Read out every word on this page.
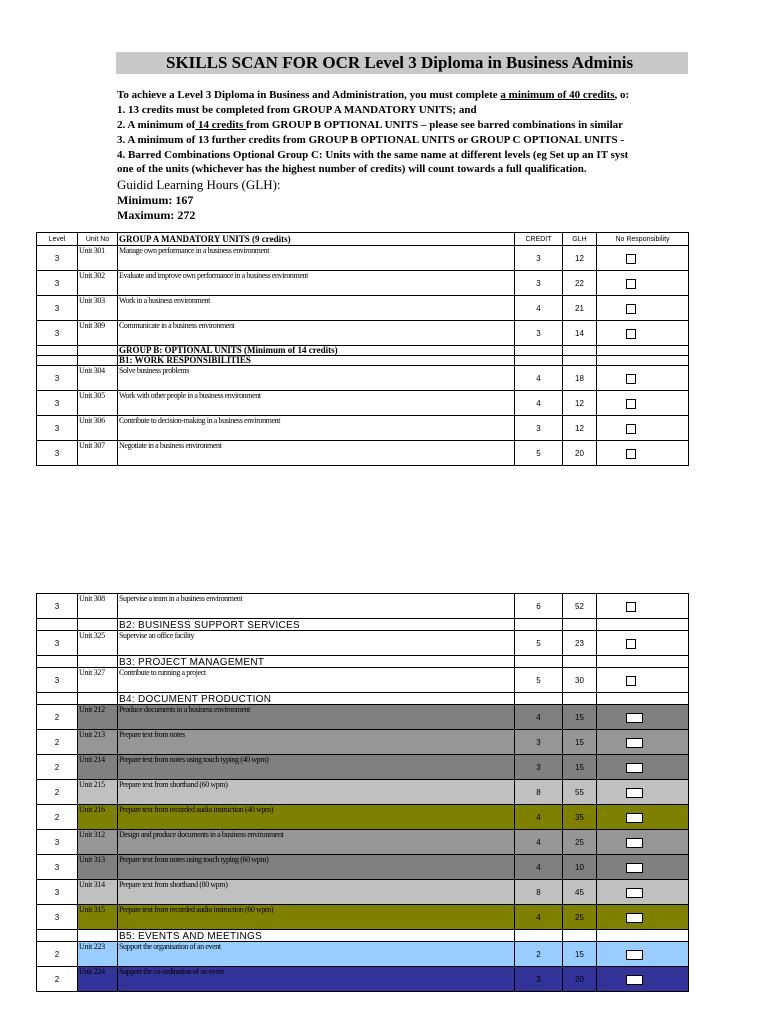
SKILLS SCAN FOR OCR Level 3 Diploma in Business Adminis
To achieve a Level 3 Diploma in Business and Administration, you must complete a minimum of 40 credits, o:
1. 13 credits must be completed from GROUP A MANDATORY UNITS; and
2. A minimum of 14 credits from GROUP B OPTIONAL UNITS – please see barred combinations in similar
3. A minimum of 13 further credits from GROUP B OPTIONAL UNITS or GROUP C OPTIONAL UNITS -
4. Barred Combinations Optional Group C: Units with the same name at different levels (eg Set up an IT syst
one of the units (whichever has the highest number of credits) will count towards a full qualification.
Guidid Learning Hours (GLH):
Minimum: 167
Maximum: 272
Level	Unit No	GROUP A MANDATORY UNITS (9 credits)	CREDIT	GLH	No Responsibility
3	Unit 301	Manage own performance in a business environment	3	12	
3	Unit 302	Evaluate and improve own performance in a business environment	3	22	
3	Unit 303	Work in a business environment	4	21	
3	Unit 309	Communicate in a business environment	3	14	
		GROUP B: OPTIONAL UNITS (Minimum of 14 credits)			
		B1: WORK RESPONSIBILITIES			
3	Unit 304	Solve business problems	4	18	
3	Unit 305	Work with other people in a business environment	4	12	
3	Unit 306	Contribute to decision-making in a business environment	3	12	
3	Unit 307	Negotiate in a business environment	5	20	
3	Unit 308	Supervise a team in a business environment	6	52	
		B2: BUSINESS SUPPORT SERVICES			
3	Unit 325	Supervise an office facility	5	23	
		B3: PROJECT MANAGEMENT			
3	Unit 327	Contribute to running a project	5	30	
		B4: DOCUMENT PRODUCTION			
2	Unit 212	Produce documents in a business environment	4	15	
2	Unit 213	Prepare text from notes	3	15	
2	Unit 214	Prepare text from notes using touch typing (40 wpm)	3	15	
2	Unit 215	Prepare text from shorthand (60 wpm)	8	55	
2	Unit 216	Prepare text from recorded audio instruction (40 wpm)	4	35	
3	Unit 312	Design and produce documents in a business environment	4	25	
3	Unit 313	Prepare text from notes using touch typing (60 wpm)	4	10	
3	Unit 314	Prepare text from shorthand (80 wpm)	8	45	
3	Unit 315	Prepare text from recorded audio instruction (60 wpm)	4	25	
		B5: EVENTS AND MEETINGS			
2	Unit 223	Support the organisation of an event	2	15	
2	Unit 224	Support the co-ordination of an event	3	20	
